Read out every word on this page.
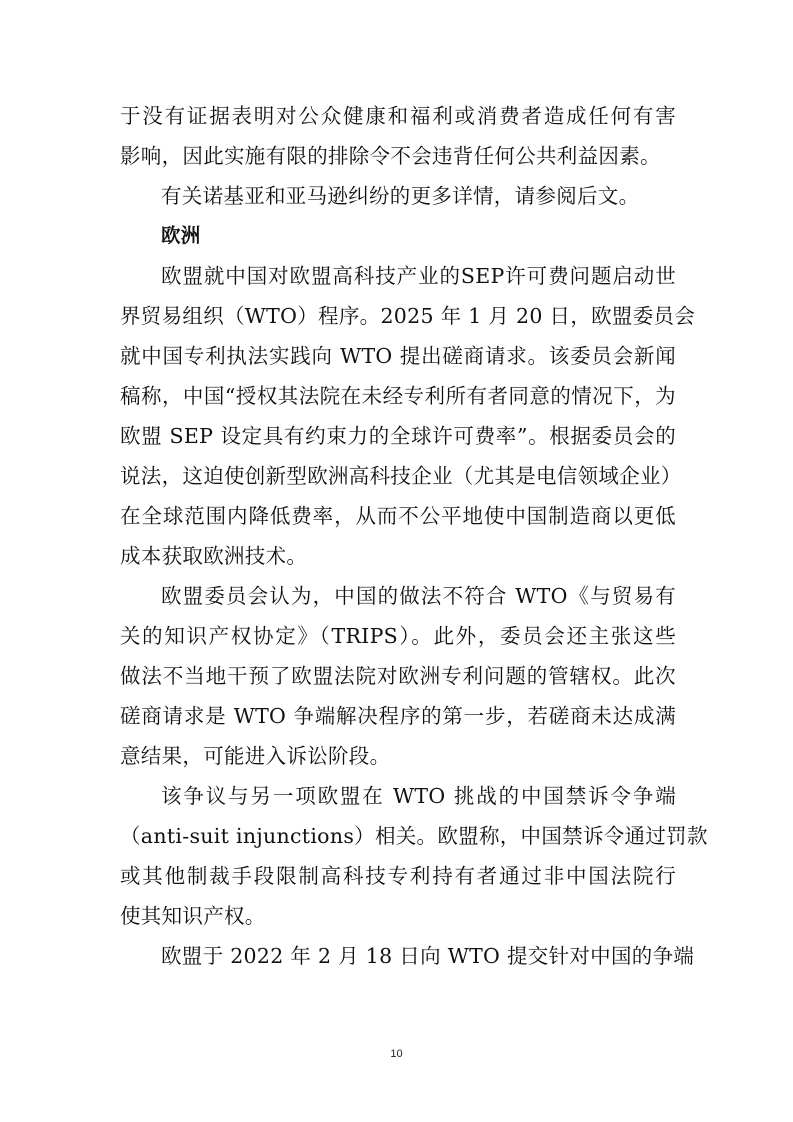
于没有证据表明对公众健康和福利或消费者造成任何有害
影响，因此实施有限的排除令不会违背任何公共利益因素。
有关诺基亚和亚马逊纠纷的更多详情，请参阅后文。
欧洲
欧盟就中国对欧盟高科技产业的SEP许可费问题启动世
界贸易组织（WTO）程序。2025 年 1 月 20 日，欧盟委员会
就中国专利执法实践向 WTO 提出磋商请求。该委员会新闻
稿称，中国“授权其法院在未经专利所有者同意的情况下，为
欧盟 SEP 设定具有约束力的全球许可费率”。根据委员会的
说法，这迫使创新型欧洲高科技企业（尤其是电信领域企业）
在全球范围内降低费率，从而不公平地使中国制造商以更低
成本获取欧洲技术。
欧盟委员会认为，中国的做法不符合 WTO《与贸易有
关的知识产权协定》（TRIPS）。此外，委员会还主张这些
做法不当地干预了欧盟法院对欧洲专利问题的管辖权。此次
磋商请求是 WTO 争端解决程序的第一步，若磋商未达成满
意结果，可能进入诉讼阶段。
该争议与另一项欧盟在 WTO 挑战的中国禁诉令争端
（anti-suit injunctions）相关。欧盟称，中国禁诉令通过罚款
或其他制裁手段限制高科技专利持有者通过非中国法院行
使其知识产权。
欧盟于 2022 年 2 月 18 日向 WTO 提交针对中国的争端
10
